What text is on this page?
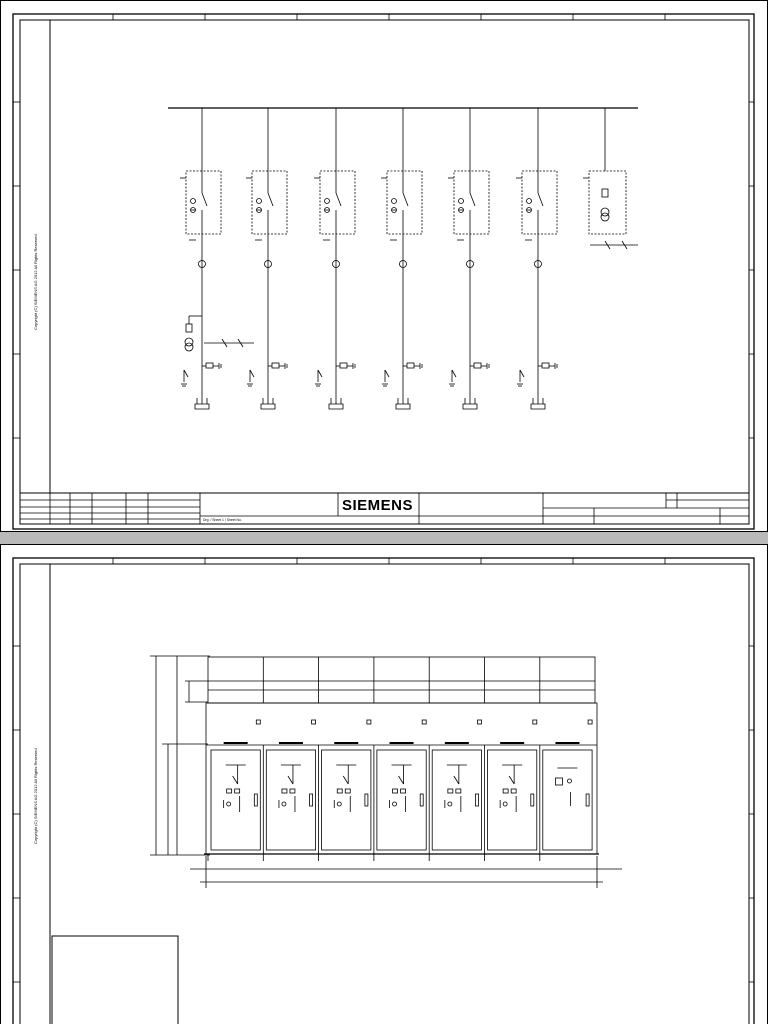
Copyright (C) SIEMENS AG 2012 All Rights Reserved
SIEMENS
Drg. / Sheet 1 / Sheet No.
Copyright (C) SIEMENS AG 2012 All Rights Reserved
